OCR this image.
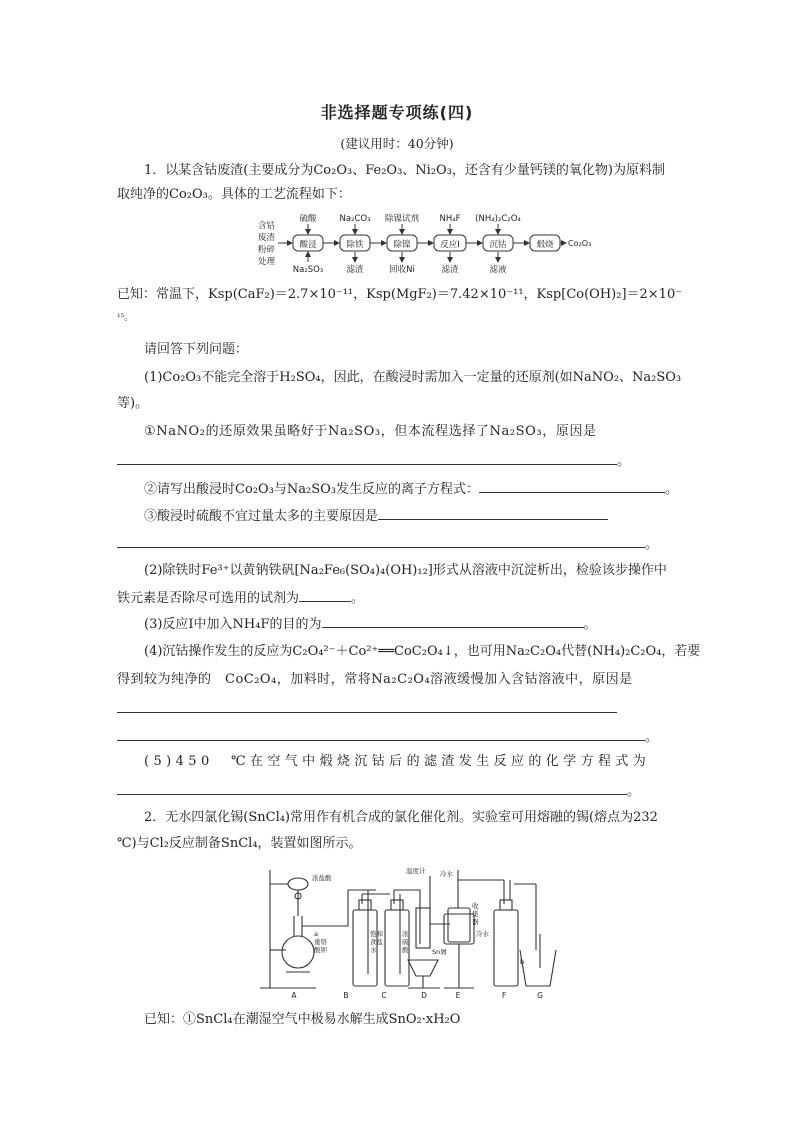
非选择题专项练(四)
(建议用时：40分钟)
1．以某含钴废渣(主要成分为Co₂O₃、Fe₂O₃、Ni₂O₃，还含有少量钙镁的氧化物)为原料制
取纯净的Co₂O₃。具体的工艺流程如下：
含钴
废渣
粉碎
处理
酸浸	除铁	除镍	反应Ⅰ	沉钴	煅烧
硫酸	Na₂CO₃ 除镍试剂 NH₄F (NH₄)₂C₂O₄
Na₂SO₃	滤渣	回收Ni	滤渣	滤液
Co₂O₃
已知：常温下，Ksp(CaF₂)＝2.7×10⁻¹¹，Ksp(MgF₂)＝7.42×10⁻¹¹，Ksp[Co(OH)₂]＝2×10⁻
¹⁵。
请回答下列问题：
(1)Co₂O₃不能完全溶于H₂SO₄，因此，在酸浸时需加入一定量的还原剂(如NaNO₂、Na₂SO₃
等)。
①NaNO₂的还原效果虽略好于Na₂SO₃，但本流程选择了Na₂SO₃，原因是
。
②请写出酸浸时Co₂O₃与Na₂SO₃发生反应的离子方程式：	。
③酸浸时硫酸不宜过量太多的主要原因是
。
(2)除铁时Fe³⁺以黄钠铁矾[Na₂Fe₆(SO₄)₄(OH)₁₂]形式从溶液中沉淀析出，检验该步操作中
铁元素是否除尽可选用的试剂为	。
(3)反应Ⅰ中加入NH₄F的目的为	。
(4)沉钴操作发生的反应为C₂O₄²⁻＋Co²⁺══CoC₂O₄↓，也可用Na₂C₂O₄代替(NH₄)₂C₂O₄，若要
得到较为纯净的　CoC₂O₄，加料时，常将Na₂C₂O₄溶液缓慢加入含钴溶液中，原因是
。
(5)450　℃在空气中煅烧沉钴后的滤渣发生反应的化学方程式为
。
2．无水四氯化锡(SnCl₄)常用作有机合成的氯化催化剂。实验室可用熔融的锡(熔点为232
℃)与Cl₂反应制备SnCl₄，装置如图所示。
浓盐酸
重铬
酸钾
a	饱和
食盐
水
浓
硫
酸
温度计
Sn屑
冷水
冷水
收
集
器
b
A	B	C	D	E	F	G
已知：①SnCl₄在潮湿空气中极易水解生成SnO₂·xH₂O
